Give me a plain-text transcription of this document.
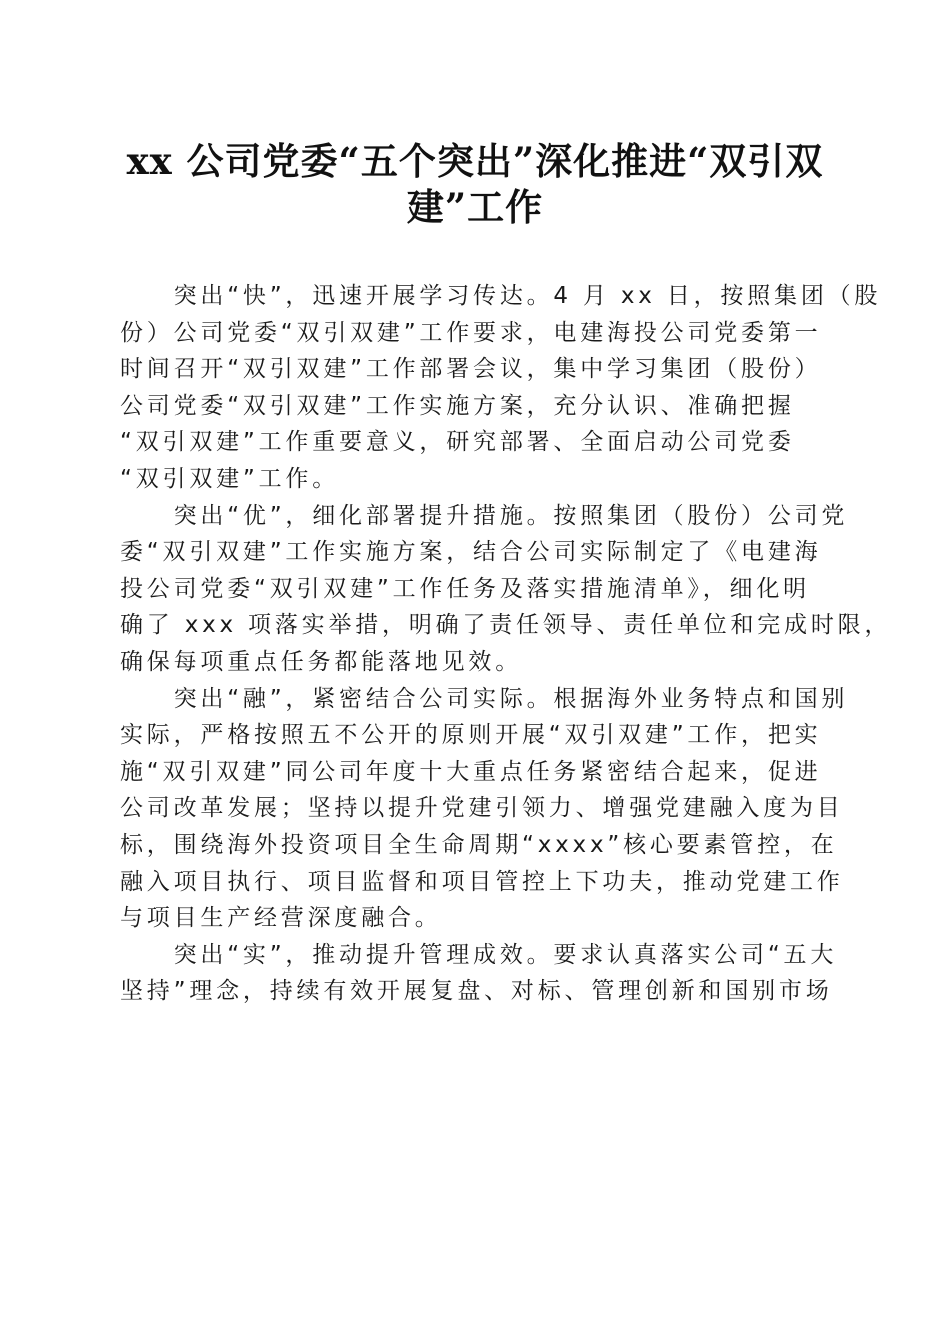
xx 公司党委“五个突出”深化推进“双引双
建”工作

　　突出“快”，迅速开展学习传达。4 月 xx 日，按照集团（股
份）公司党委“双引双建”工作要求，电建海投公司党委第一
时间召开“双引双建”工作部署会议，集中学习集团（股份）
公司党委“双引双建”工作实施方案，充分认识、准确把握
“双引双建”工作重要意义，研究部署、全面启动公司党委
“双引双建”工作。

　　突出“优”，细化部署提升措施。按照集团（股份）公司党
委“双引双建”工作实施方案，结合公司实际制定了《电建海
投公司党委“双引双建”工作任务及落实措施清单》，细化明
确了 xxx 项落实举措，明确了责任领导、责任单位和完成时限，
确保每项重点任务都能落地见效。

　　突出“融”，紧密结合公司实际。根据海外业务特点和国别
实际，严格按照五不公开的原则开展“双引双建”工作，把实
施“双引双建”同公司年度十大重点任务紧密结合起来，促进
公司改革发展；坚持以提升党建引领力、增强党建融入度为目
标，围绕海外投资项目全生命周期“xxxx”核心要素管控，在
融入项目执行、项目监督和项目管控上下功夫，推动党建工作
与项目生产经营深度融合。

　　突出“实”，推动提升管理成效。要求认真落实公司“五大
坚持”理念，持续有效开展复盘、对标、管理创新和国别市场
